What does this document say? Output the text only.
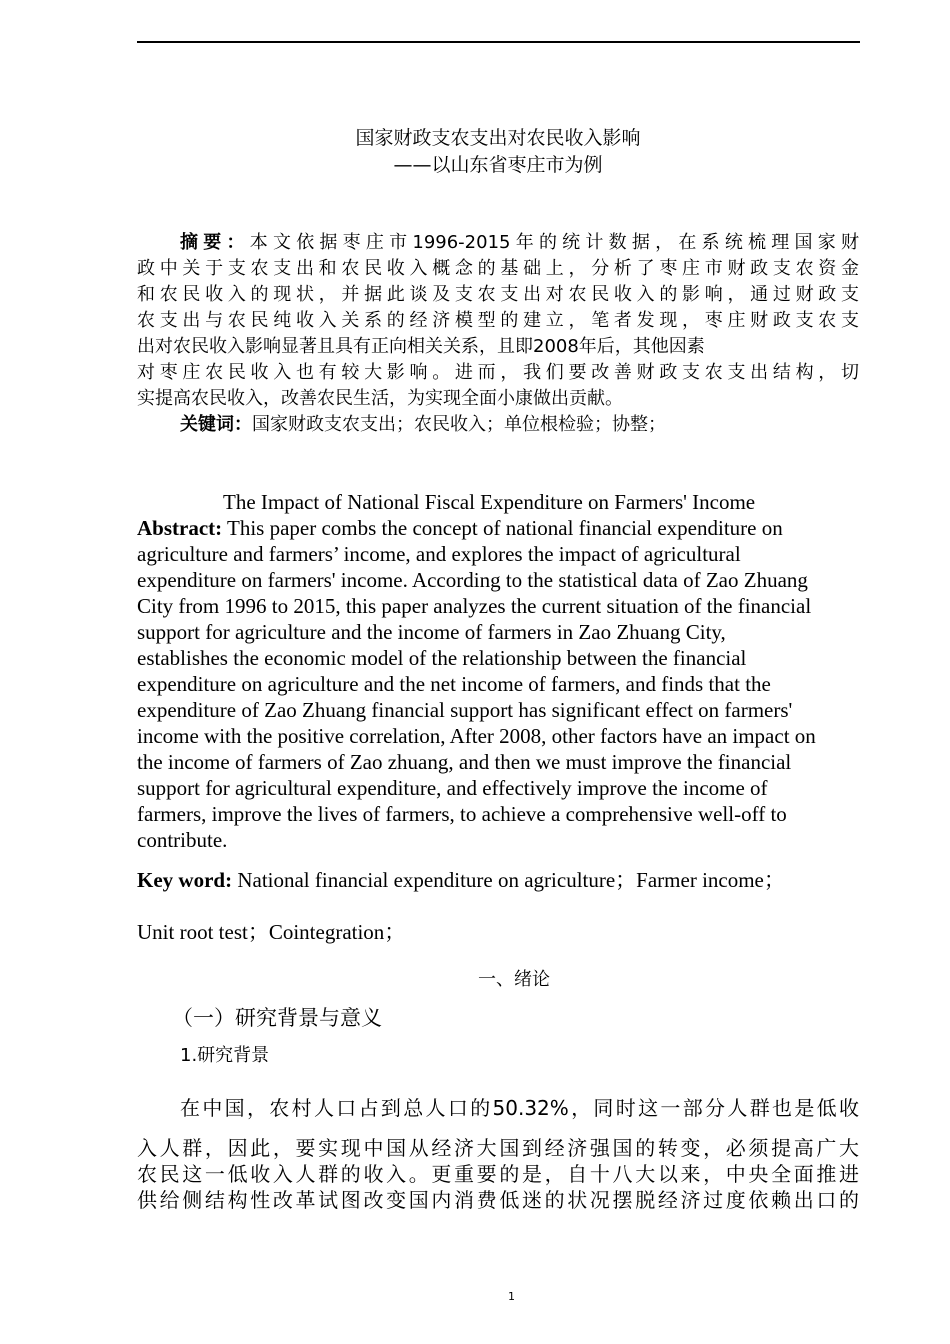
国家财政支农支出对农民收入影响
——以山东省枣庄市为例
摘要：本文依据枣庄市1996-2015年的统计数据，在系统梳理国家财
政中关于支农支出和农民收入概念的基础上，分析了枣庄市财政支农资金
和农民收入的现状，并据此谈及支农支出对农民收入的影响，通过财政支
农支出与农民纯收入关系的经济模型的建立，笔者发现，枣庄财政支农支
出对农民收入影响显著且具有正向相关关系，且即2008年后，其他因素
对枣庄农民收入也有较大影响。进而，我们要改善财政支农支出结构，切
实提高农民收入，改善农民生活，为实现全面小康做出贡献。
关键词：国家财政支农支出；农民收入；单位根检验；协整；
The Impact of National Fiscal Expenditure on Farmers' Income
Abstract: This paper combs the concept of national financial expenditure on
agriculture and farmers’ income, and explores the impact of agricultural
expenditure on farmers' income. According to the statistical data of Zao Zhuang
City from 1996 to 2015, this paper analyzes the current situation of the financial
support for agriculture and the income of farmers in Zao Zhuang City,
establishes the economic model of the relationship between the financial
expenditure on agriculture and the net income of farmers, and finds that the
expenditure of Zao Zhuang financial support has significant effect on farmers'
income with the positive correlation, After 2008, other factors have an impact on
the income of farmers of Zao zhuang, and then we must improve the financial
support for agricultural expenditure, and effectively improve the income of
farmers, improve the lives of farmers, to achieve a comprehensive well-off to
contribute.
Key word: National financial expenditure on agriculture；Farmer income；
Unit root test；Cointegration；
一、绪论
（一）研究背景与意义
1.研究背景
在中国，农村人口占到总人口的50.32%，同时这一部分人群也是低收
入人群，因此，要实现中国从经济大国到经济强国的转变，必须提高广大
农民这一低收入人群的收入。更重要的是，自十八大以来，中央全面推进
供给侧结构性改革试图改变国内消费低迷的状况摆脱经济过度依赖出口的
1
